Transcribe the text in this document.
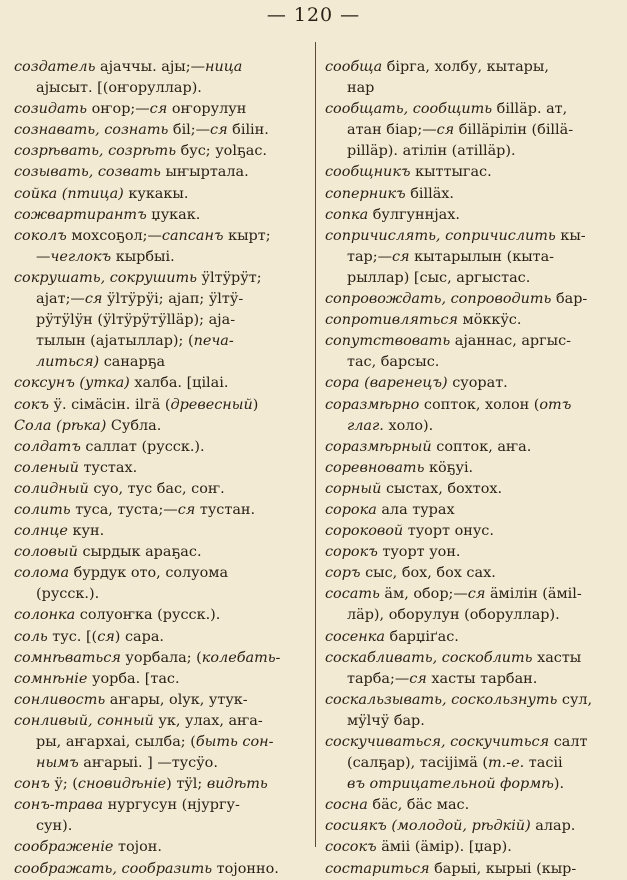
— 120 —
создатель аjаччы. аjы;—ница
аjысыт. [(оҥоруллар).
созидать оҥор;—ся оҥорулун
сознавать, сознать біl;—ся біlін.
созрѣвать, созрѣть бус; уоlҕас.
созывать, созвать ыҥыртала.
сойка (птица) кукакы.
сожвартирантъ џукак.
соколъ мохсоҕол;—сапсанъ кырт;
—чеглокъ кырбыі.
сокрушать, сокрушить ӱlтӱрӱт;
аjат;—ся ӱlтӱрӱі; аjап; ӱlтӱ-
рӱтӱlӱн (ӱlтӱрӱтӱllӓр); аjа-
тылын (аjатыллар); (печа-
литься) санарҕа
соксунъ (утка) халба. [ціlаі.
сокъ ӱ. сімäсін. ilгä (древесный)
Сола (рѣка) Субла.
солдатъ саллат (русск.).
соленый тустах.
солидный суо, тус бас, соҥ.
солить туса, тустa;—ся тустан.
солнце кун.
соловый сырдык араҕас.
солома бурдук ото, солуома
(русск.).
солонка солуоҥка (русск.).
соль тус. [(ся) сара.
сомнѣваться уорбала; (колебать-
сомнѣніе уорба. [тас.
сонливость аҥары, оlук, утук-
сонливый, сонный ук, улах, аҥа-
ры, аҥархаі, сылба; (быть сон-
нымъ аҥарыі. ] —тусӱо.
сонъ ӱ; (сновидѣніе) тӱl; видѣть
сонъ-трава нургусун (нјургу-
сун).
соображеніе тоjон.
соображать, сообразить тоjонно.
сообща бірга, холбу, кытары,
нар
сообщать, сообщить біllӓр. ат,
атан біар;—ся біllӓрілін (біllӓ-
рillӓр). атілін (атіllӓр).
сообщникъ кыттыгас.
соперникъ біllӓх.
сопка булгуннјах.
сопричислять, сопричислить кы-
тар;—ся кытарылын (кыта-
рыллар) [сыс, аргыстас.
сопровождать, сопроводить бар-
сопротивляться мӧккӱс.
сопутствовать аjаннас, аргыс-
тас, барсыс.
сора (варенецъ) суорат.
соразмѣрно сопток, холон (отъ
глаг. холо).
соразмѣрный сопток, аҥа.
соревновать кӧҕуі.
сорный сыстах, бохтох.
сорока ала турах
сороковой туорт онус.
сорокъ туорт уон.
соръ сыс, бох, бох сах.
сосать ӓм, обор;—ся ӓмілін (ӓміl-
лӓр), оборулун (оборуллар).
сосенка барџіґас.
соскабливать, соскоблить хасты
тарба;—ся хасты тарбан.
соскальзывать, соскользнуть сул,
мӱlчӱ бар.
соскучиваться, соскучиться салт
(салҕар), тасіјімӓ (т.-е. тасіі
въ отрицательной формѣ).
сосна бӓс, бӓс мас.
сосиякъ (молодой, рѣдкій) алар.
сосокъ ӓміі (ӓмір). [џар).
состариться барыі, кырыі (кыр-
